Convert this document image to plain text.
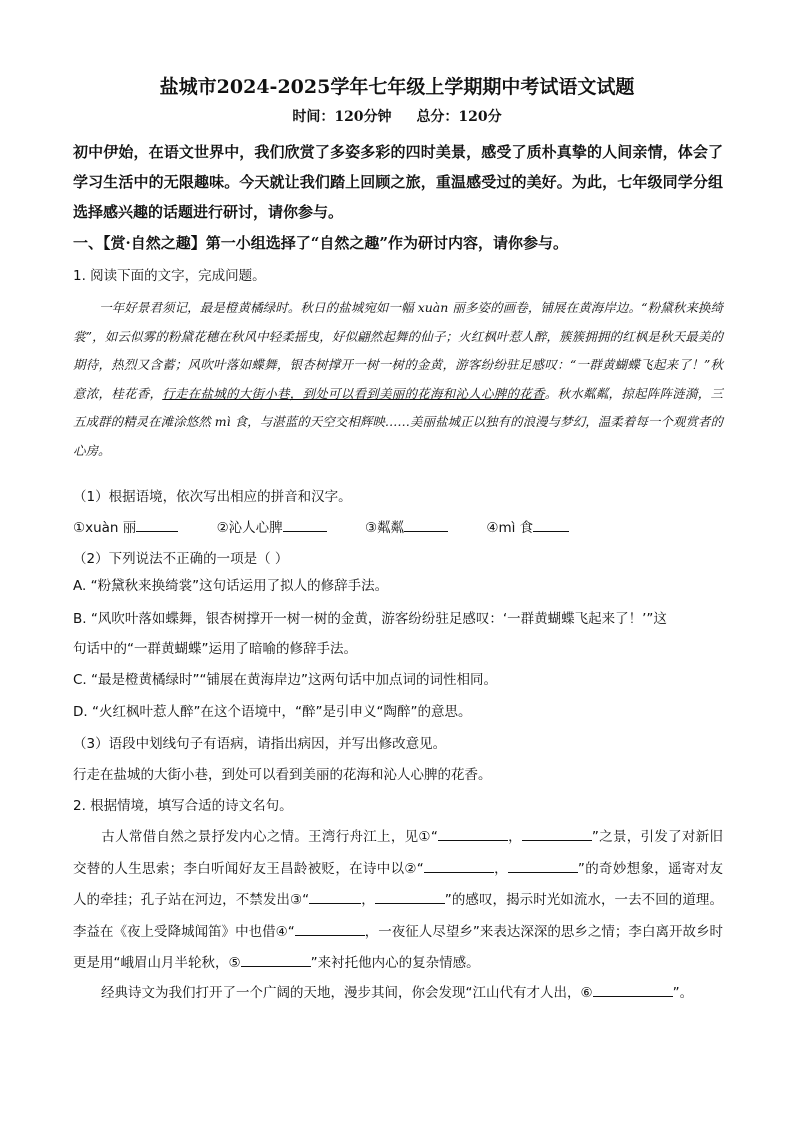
盐城市2024-2025学年七年级上学期期中考试语文试题
时间：120分钟 总分：120分
初中伊始，在语文世界中，我们欣赏了多姿多彩的四时美景，感受了质朴真挚的人间亲情，体会了学习生活中的无限趣味。今天就让我们踏上回顾之旅，重温感受过的美好。为此，七年级同学分组选择感兴趣的话题进行研讨，请你参与。
一、【赏·自然之趣】第一小组选择了“自然之趣”作为研讨内容，请你参与。
1. 阅读下面的文字，完成问题。
一年好景君须记，最是橙黄橘绿时。秋日的盐城宛如一幅 xuàn 丽多姿的画卷，铺展在黄海岸边。“粉黛秋来换绮裳”，如云似雾的粉黛花穗在秋风中轻柔摇曳，好似翩然起舞的仙子；火红枫叶惹人醉，簇簇拥拥的红枫是秋天最美的期待，热烈又含蓄；风吹叶落如蝶舞，银杏树撑开一树一树的金黄，游客纷纷驻足感叹：“一群黄蝴蝶飞起来了！”秋意浓，桂花香，行走在盐城的大街小巷，到处可以看到美丽的花海和沁人心脾的花香。秋水粼粼，掠起阵阵涟漪，三五成群的精灵在滩涂悠然 mì 食，与湛蓝的天空交相辉映……美丽盐城正以独有的浪漫与梦幻，温柔着每一个观赏者的心房。
（1）根据语境，依次写出相应的拼音和汉字。
①xuàn 丽	②沁人心脾	③粼粼	④mì 食
（2）下列说法不正确的一项是（ ）
A. “粉黛秋来换绮裳”这句话运用了拟人的修辞手法。
B. “风吹叶落如蝶舞，银杏树撑开一树一树的金黄，游客纷纷驻足感叹：‘一群黄蝴蝶飞起来了！’”这
句话中的“一群黄蝴蝶”运用了暗喻的修辞手法。
C. “最是橙黄橘绿时”“铺展在黄海岸边”这两句话中加点词的词性相同。
D. “火红枫叶惹人醉”在这个语境中，“醉”是引申义“陶醉”的意思。
（3）语段中划线句子有语病，请指出病因，并写出修改意见。
行走在盐城的大街小巷，到处可以看到美丽的花海和沁人心脾的花香。
2. 根据情境，填写合适的诗文名句。
古人常借自然之景抒发内心之情。王湾行舟江上，见①“	，	”之景，引发了对新旧交替的人生思索；李白听闻好友王昌龄被贬，在诗中以②“	，	”的奇妙想象，遥寄对友人的牵挂；孔子站在河边，不禁发出③“	，	”的感叹，揭示时光如流水，一去不回的道理。李益在《夜上受降城闻笛》中也借④“	，一夜征人尽望乡”来表达深深的思乡之情；李白离开故乡时更是用“峨眉山月半轮秋，⑤	”来衬托他内心的复杂情感。
经典诗文为我们打开了一个广阔的天地，漫步其间，你会发现“江山代有才人出，⑥	”。
